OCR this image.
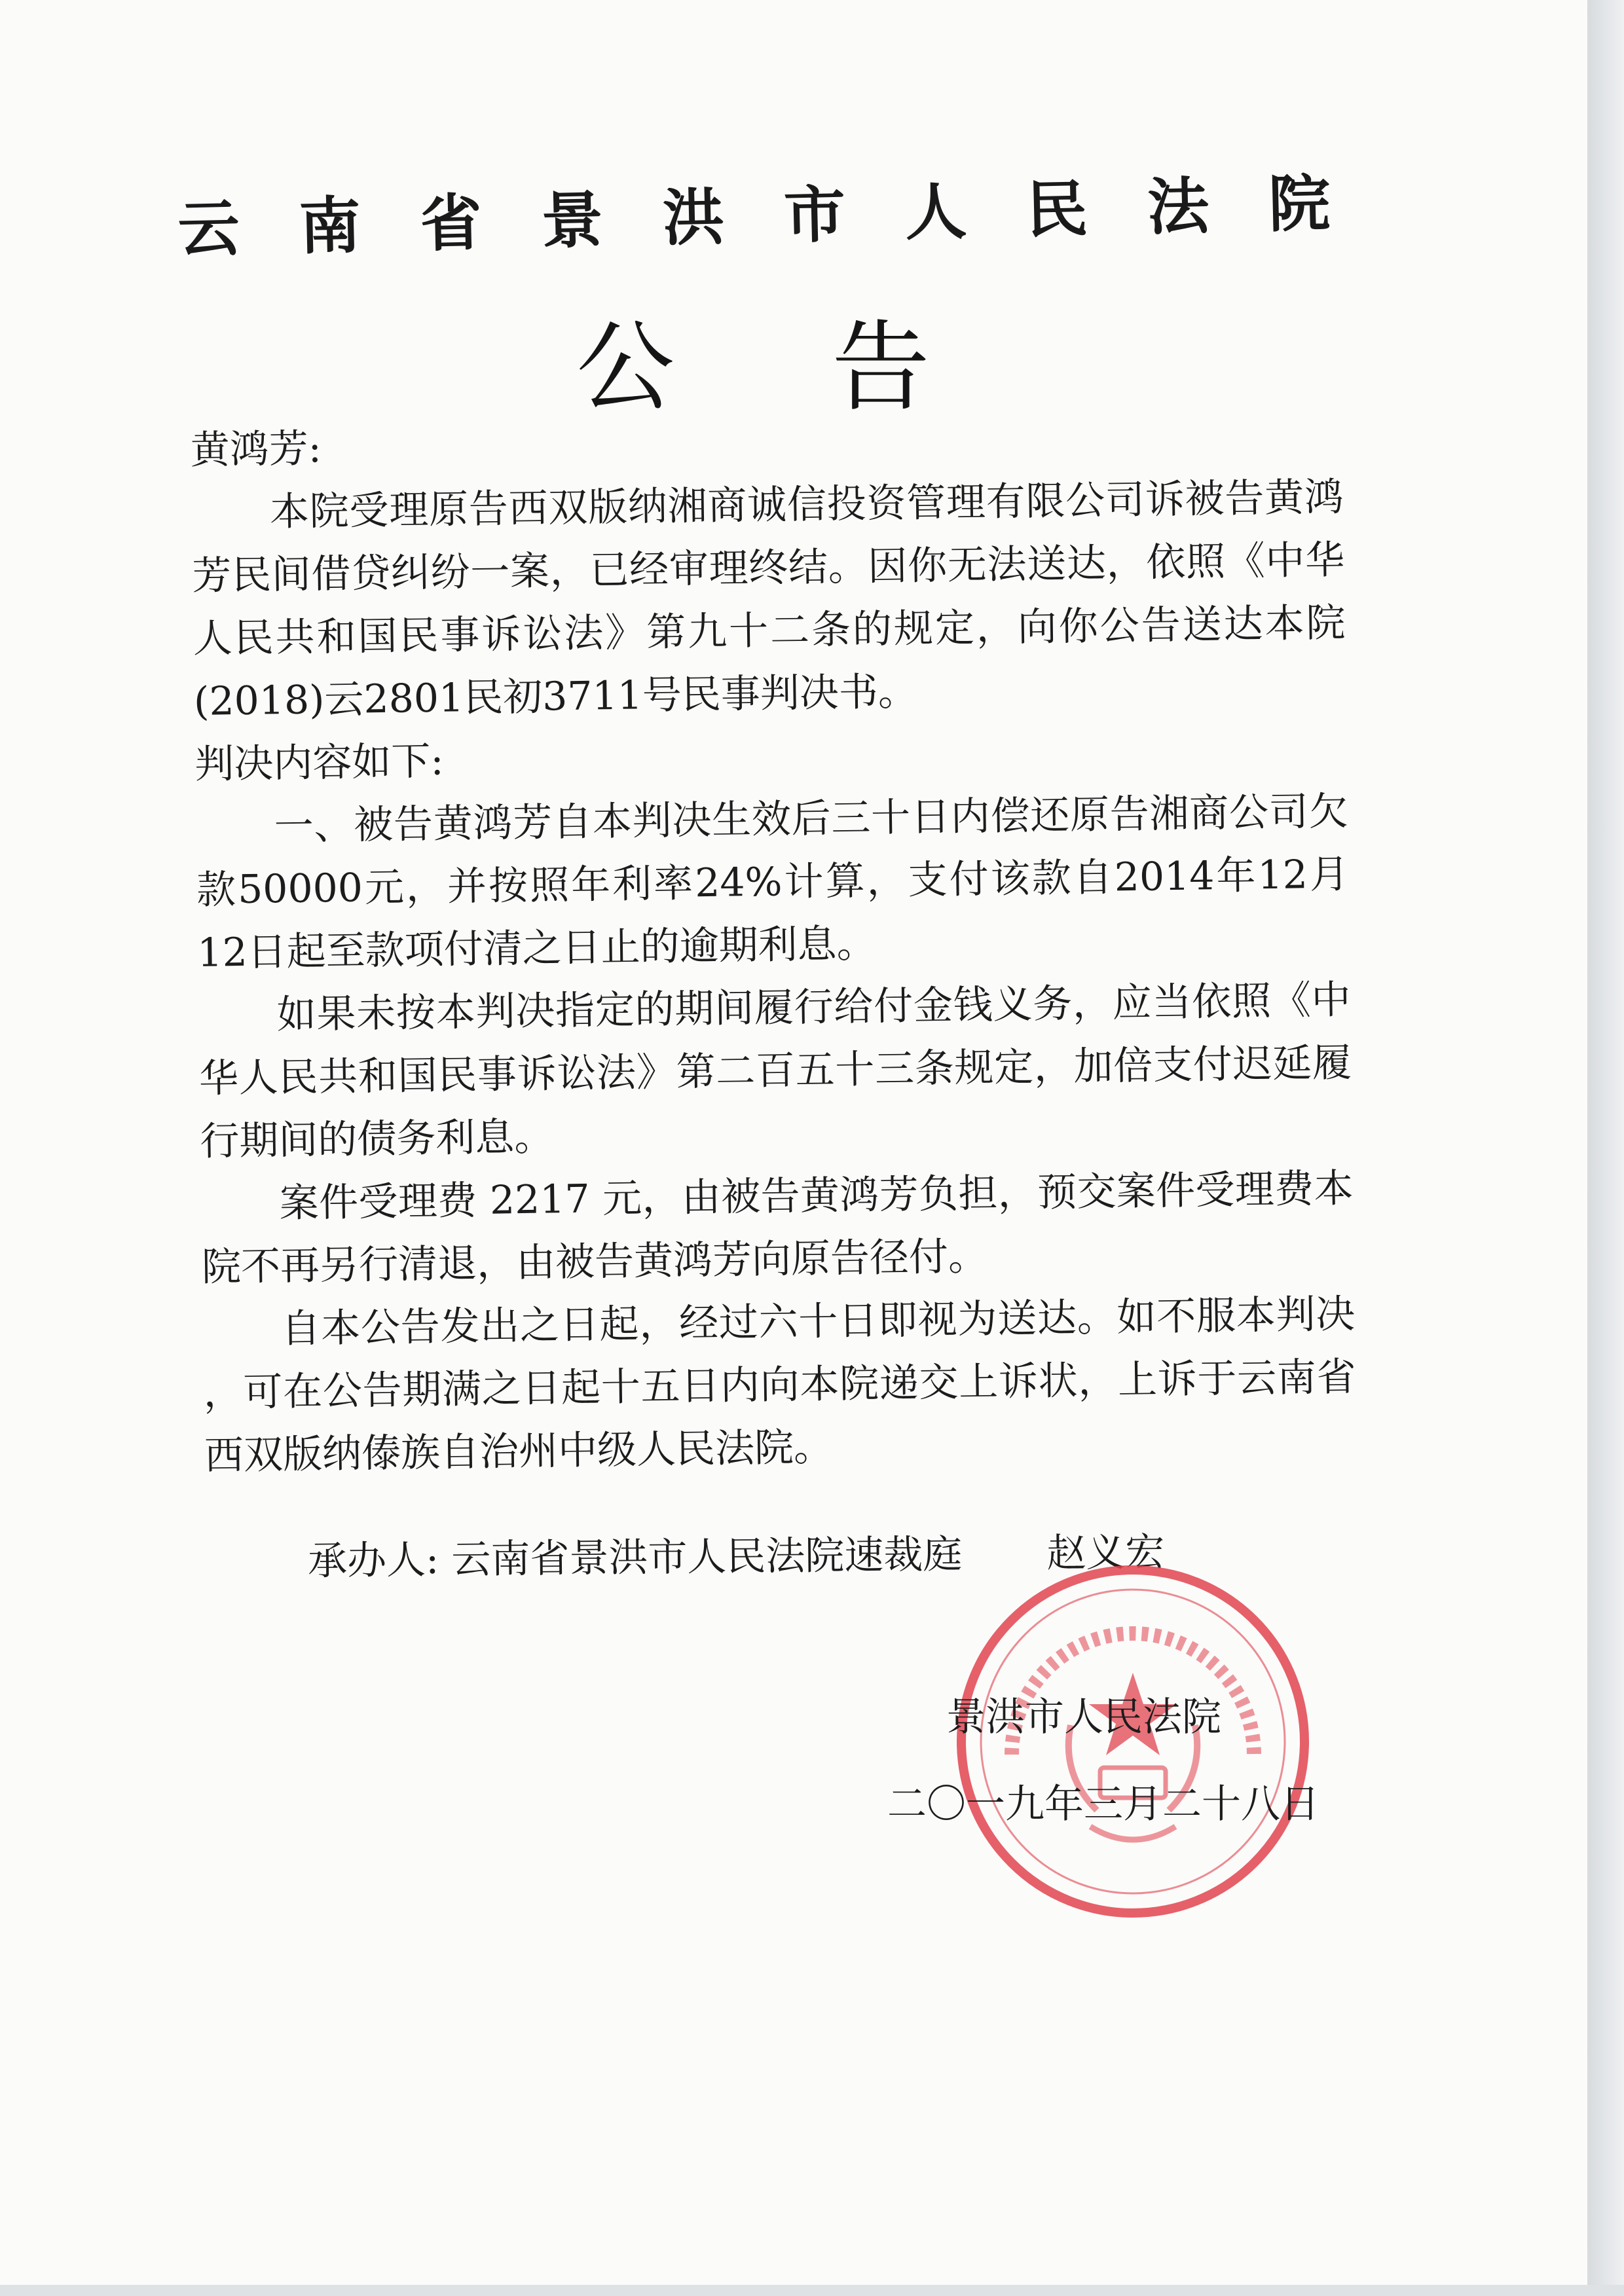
云 南 省 景 洪 市 人 民 法 院
公 告

黄鸿芳:

本院受理原告西双版纳湘商诚信投资管理有限公司诉被告黄鸿芳民间借贷纠纷一案，已经审理终结。因你无法送达，依照《中华人民共和国民事诉讼法》第九十二条的规定，向你公告送达本院(2018)云2801民初3711号民事判决书。

判决内容如下:

一、被告黄鸿芳自本判决生效后三十日内偿还原告湘商公司欠款50000元，并按照年利率24%计算，支付该款自2014年12月12日起至款项付清之日止的逾期利息。

如果未按本判决指定的期间履行给付金钱义务，应当依照《中华人民共和国民事诉讼法》第二百五十三条规定，加倍支付迟延履行期间的债务利息。

案件受理费 2217 元，由被告黄鸿芳负担，预交案件受理费本院不再另行清退，由被告黄鸿芳向原告径付。

自本公告发出之日起，经过六十日即视为送达。如不服本判决 ，可在公告期满之日起十五日内向本院递交上诉状，上诉于云南省西双版纳傣族自治州中级人民法院。

承办人: 云南省景洪市人民法院速裁庭 赵义宏
景洪市人民法院
二〇一九年三月二十八日
